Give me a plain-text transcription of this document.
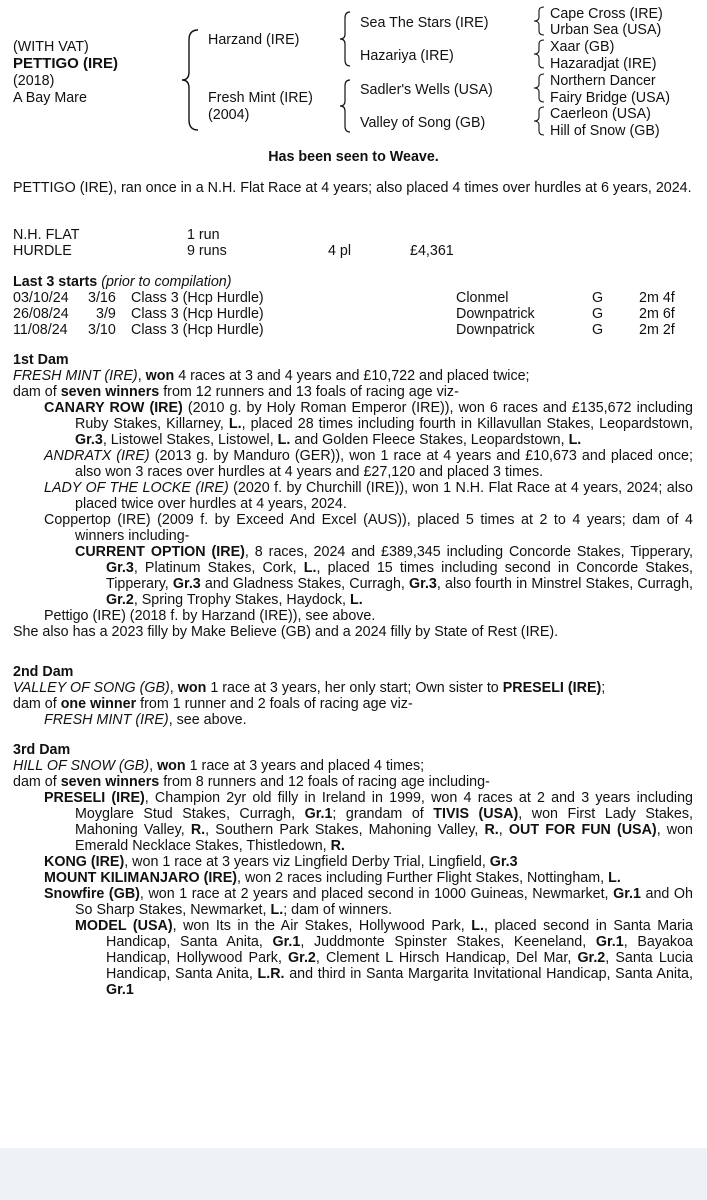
(WITH VAT)
PETTIGO (IRE)
(2018)
A Bay Mare
Harzand (IRE)
Fresh Mint (IRE)
(2004)
Sea The Stars (IRE)
Hazariya (IRE)
Sadler's Wells (USA)
Valley of Song (GB)
Cape Cross (IRE)
Urban Sea (USA)
Xaar (GB)
Hazaradjat (IRE)
Northern Dancer
Fairy Bridge (USA)
Caerleon (USA)
Hill of Snow (GB)
Has been seen to Weave.
PETTIGO (IRE), ran once in a N.H. Flat Race at 4 years; also placed 4 times over hurdles at 6 years, 2024.
N.H. FLAT	1 run
HURDLE	9 runs	4 pl	£4,361
Last 3 starts (prior to compilation)
03/10/24 3/16 Class 3 (Hcp Hurdle)	Clonmel	G	2m 4f
26/08/24 3/9 Class 3 (Hcp Hurdle)	Downpatrick	G	2m 6f
11/08/24 3/10 Class 3 (Hcp Hurdle)	Downpatrick	G	2m 2f
1st Dam
FRESH MINT (IRE), won 4 races at 3 and 4 years and £10,722 and placed twice;
dam of seven winners from 12 runners and 13 foals of racing age viz-
CANARY ROW (IRE) (2010 g. by Holy Roman Emperor (IRE)), won 6 races and £135,672 including Ruby Stakes, Killarney, L., placed 28 times including fourth in Killavullan Stakes, Leopardstown, Gr.3, Listowel Stakes, Listowel, L. and Golden Fleece Stakes, Leopardstown, L.
ANDRATX (IRE) (2013 g. by Manduro (GER)), won 1 race at 4 years and £10,673 and placed once; also won 3 races over hurdles at 4 years and £27,120 and placed 3 times.
LADY OF THE LOCKE (IRE) (2020 f. by Churchill (IRE)), won 1 N.H. Flat Race at 4 years, 2024; also placed twice over hurdles at 4 years, 2024.
Coppertop (IRE) (2009 f. by Exceed And Excel (AUS)), placed 5 times at 2 to 4 years; dam of 4 winners including-
CURRENT OPTION (IRE), 8 races, 2024 and £389,345 including Concorde Stakes, Tipperary, Gr.3, Platinum Stakes, Cork, L., placed 15 times including second in Concorde Stakes, Tipperary, Gr.3 and Gladness Stakes, Curragh, Gr.3, also fourth in Minstrel Stakes, Curragh, Gr.2, Spring Trophy Stakes, Haydock, L.
Pettigo (IRE) (2018 f. by Harzand (IRE)), see above.
She also has a 2023 filly by Make Believe (GB) and a 2024 filly by State of Rest (IRE).
2nd Dam
VALLEY OF SONG (GB), won 1 race at 3 years, her only start; Own sister to PRESELI (IRE);
dam of one winner from 1 runner and 2 foals of racing age viz-
FRESH MINT (IRE), see above.
3rd Dam
HILL OF SNOW (GB), won 1 race at 3 years and placed 4 times;
dam of seven winners from 8 runners and 12 foals of racing age including-
PRESELI (IRE), Champion 2yr old filly in Ireland in 1999, won 4 races at 2 and 3 years including Moyglare Stud Stakes, Curragh, Gr.1; grandam of TIVIS (USA), won First Lady Stakes, Mahoning Valley, R., Southern Park Stakes, Mahoning Valley, R., OUT FOR FUN (USA), won Emerald Necklace Stakes, Thistledown, R.
KONG (IRE), won 1 race at 3 years viz Lingfield Derby Trial, Lingfield, Gr.3
MOUNT KILIMANJARO (IRE), won 2 races including Further Flight Stakes, Nottingham, L.
Snowfire (GB), won 1 race at 2 years and placed second in 1000 Guineas, Newmarket, Gr.1 and Oh So Sharp Stakes, Newmarket, L.; dam of winners.
MODEL (USA), won Its in the Air Stakes, Hollywood Park, L., placed second in Santa Maria Handicap, Santa Anita, Gr.1, Juddmonte Spinster Stakes, Keeneland, Gr.1, Bayakoa Handicap, Hollywood Park, Gr.2, Clement L Hirsch Handicap, Del Mar, Gr.2, Santa Lucia Handicap, Santa Anita, L.R. and third in Santa Margarita Invitational Handicap, Santa Anita, Gr.1
